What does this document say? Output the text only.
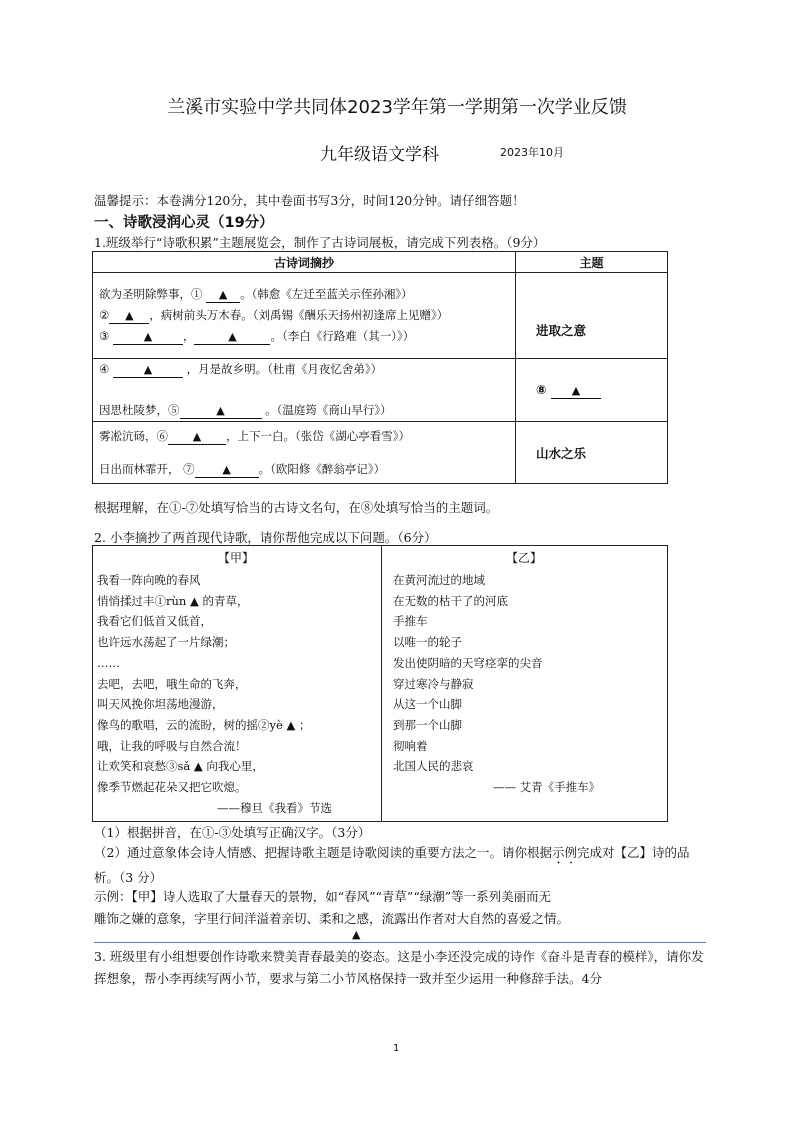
兰溪市实验中学共同体2023学年第一学期第一次学业反馈
九年级语文学科	2023年10月
温馨提示：本卷满分120分，其中卷面书写3分，时间120分钟。请仔细答题！
一、诗歌浸润心灵（19分）
1.班级举行“诗歌积累”主题展览会，制作了古诗词展板，请完成下列表格。（9分）
古诗词摘抄	主题

欲为圣明除弊事，① ▲ 。（韩愈《左迁至蓝关示侄孙湘》）
② ▲ ，病树前头万木春。（刘禹锡《酬乐天扬州初逢席上见赠》）
③ ▲ ， ▲ 。（李白《行路难（其一）》）	进取之意

④ ▲ ，月是故乡明。（杜甫《月夜忆舍弟》）
因思杜陵梦，⑤ ▲ 。（温庭筠《商山早行》）	⑧ ▲

雾凇沆砀，⑥ ▲ ，上下一白。（张岱《湖心亭看雪》）
日出而林霏开， ⑦ ▲ 。（欧阳修《醉翁亭记》）	山水之乐
根据理解，在①-⑦处填写恰当的古诗文名句，在⑧处填写恰当的主题词。
2. 小李摘抄了两首现代诗歌，请你帮他完成以下问题。（6分）
【甲】	【乙】
我看一阵向晚的春风
悄悄揉过丰①rùn ▲ 的青草，
我看它们低首又低首，
也许远水荡起了一片绿潮；
……
去吧，去吧，哦生命的飞奔，
叫天风挽你坦荡地漫游，
像鸟的歌唱，云的流盼，树的摇②yè ▲ ；
哦，让我的呼吸与自然合流！
让欢笑和哀愁③sǎ ▲ 向我心里，
像季节燃起花朵又把它吹熄。
——穆旦《我看》节选
在黄河流过的地域
在无数的枯干了的河底
手推车
以唯一的轮子
发出使阴暗的天穹痉挛的尖音
穿过寒冷与静寂
从这一个山脚
到那一个山脚
彻响着
北国人民的悲哀
—— 艾青《手推车》
（1）根据拼音，在①-③处填写正确汉字。（3分）
（2）通过意象体会诗人情感、把握诗歌主题是诗歌阅读的重要方法之一。请你根据示例完成对【乙】诗的品析。（3 分）
示例：【甲】诗人选取了大量春天的景物，如“春风”“青草”“绿潮”等一系列美丽而无
雕饰之嫌的意象，字里行间洋溢着亲切、柔和之感，流露出作者对大自然的喜爱之情。
▲
3. 班级里有小组想要创作诗歌来赞美青春最美的姿态。这是小李还没完成的诗作《奋斗是青春的模样》，请你发挥想象，帮小李再续写两小节，要求与第二小节风格保持一致并至少运用一种修辞手法。4分
1
